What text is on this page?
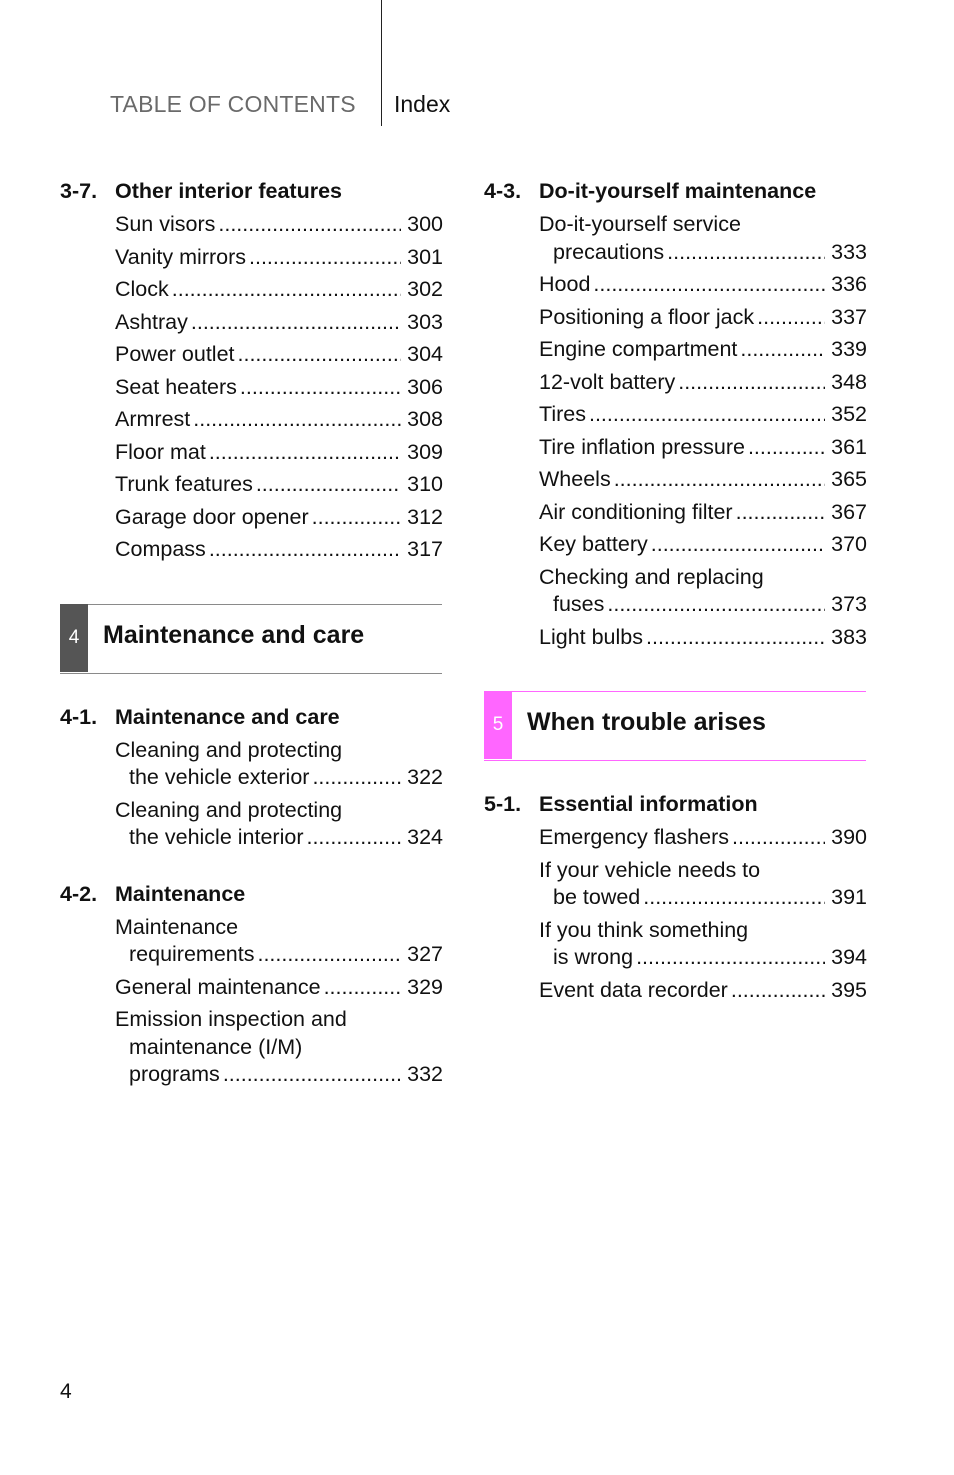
TABLE OF CONTENTS Index
3-7. Other interior features
Sun visors .....	300
Vanity mirrors .....	301
Clock .....	302
Ashtray .....	303
Power outlet .....	304
Seat heaters .....	306
Armrest .....	308
Floor mat .....	309
Trunk features .....	310
Garage door opener .....	312
Compass .....	317
4 Maintenance and care
4-1. Maintenance and care
Cleaning and protecting
the vehicle exterior .....	322
Cleaning and protecting
the vehicle interior .....	324
4-2. Maintenance
Maintenance
requirements .....	327
General maintenance .....	329
Emission inspection and
maintenance (I/M)
programs .....	332
4-3. Do-it-yourself maintenance
Do-it-yourself service
precautions .....	333
Hood .....	336
Positioning a floor jack .....	337
Engine compartment .....	339
12-volt battery .....	348
Tires .....	352
Tire inflation pressure .....	361
Wheels .....	365
Air conditioning filter .....	367
Key battery .....	370
Checking and replacing
fuses .....	373
Light bulbs .....	383
5 When trouble arises
5-1. Essential information
Emergency flashers .....	390
If your vehicle needs to
be towed .....	391
If you think something
is wrong .....	394
Event data recorder .....	395
4
